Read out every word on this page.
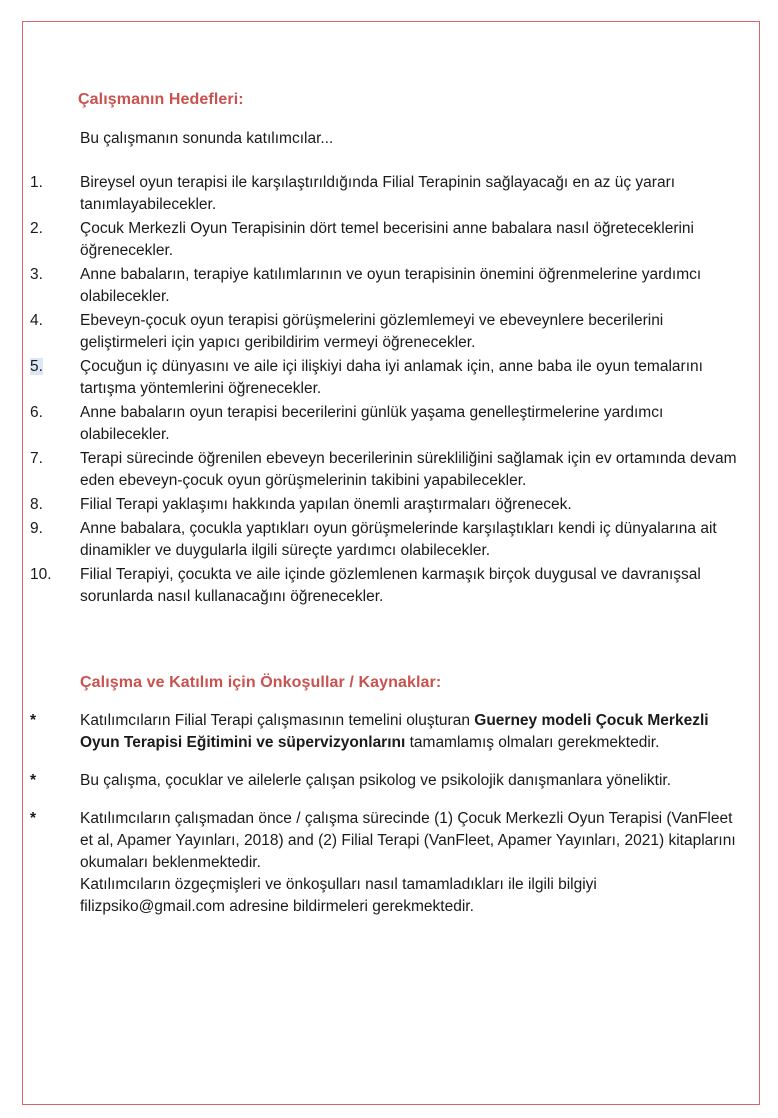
Çalışmanın Hedefleri:
Bu çalışmanın sonunda katılımcılar...
1.	Bireysel oyun terapisi ile karşılaştırıldığında Filial Terapinin sağlayacağı en az üç yararı tanımlayabilecekler.
2.	Çocuk Merkezli Oyun Terapisinin dört temel becerisini anne babalara nasıl öğreteceklerini öğrenecekler.
3.	Anne babaların, terapiye katılımlarının ve oyun terapisinin önemini öğrenmelerine yardımcı olabilecekler.
4.	Ebeveyn-çocuk oyun terapisi görüşmelerini gözlemlemeyi ve ebeveynlere becerilerini geliştirmeleri için yapıcı geribildirim vermeyi öğrenecekler.
5.	Çocuğun iç dünyasını ve aile içi ilişkiyi daha iyi anlamak için, anne baba ile oyun temalarını tartışma yöntemlerini öğrenecekler.
6.	Anne babaların oyun terapisi becerilerini günlük yaşama genelleştirmelerine yardımcı olabilecekler.
7.	Terapi sürecinde öğrenilen ebeveyn becerilerinin sürekliliğini sağlamak için ev ortamında devam eden ebeveyn-çocuk oyun görüşmelerinin takibini yapabilecekler.
8.	Filial Terapi yaklaşımı hakkında yapılan önemli araştırmaları öğrenecek.
9.	Anne babalara, çocukla yaptıkları oyun görüşmelerinde karşılaştıkları kendi iç dünyalarına ait dinamikler ve duygularla ilgili süreçte yardımcı olabilecekler.
10.	Filial Terapiyi, çocukta ve aile içinde gözlemlenen karmaşık birçok duygusal ve davranışsal sorunlarda nasıl kullanacağını öğrenecekler.
Çalışma ve Katılım için Önkoşullar / Kaynaklar:
*	Katılımcıların Filial Terapi çalışmasının temelini oluşturan Guerney modeli Çocuk Merkezli Oyun Terapisi Eğitimini ve süpervizyonlarını tamamlamış olmaları gerekmektedir.
*	Bu çalışma, çocuklar ve ailelerle çalışan psikolog ve psikolojik danışmanlara yöneliktir.
*	Katılımcıların çalışmadan önce / çalışma sürecinde (1) Çocuk Merkezli Oyun Terapisi (VanFleet et al, Apamer Yayınları, 2018) and (2) Filial Terapi (VanFleet, Apamer Yayınları, 2021) kitaplarını okumaları beklenmektedir.
Katılımcıların özgeçmişleri ve önkoşulları nasıl tamamladıkları ile ilgili bilgiyi filizpsiko@gmail.com adresine bildirmeleri gerekmektedir.
